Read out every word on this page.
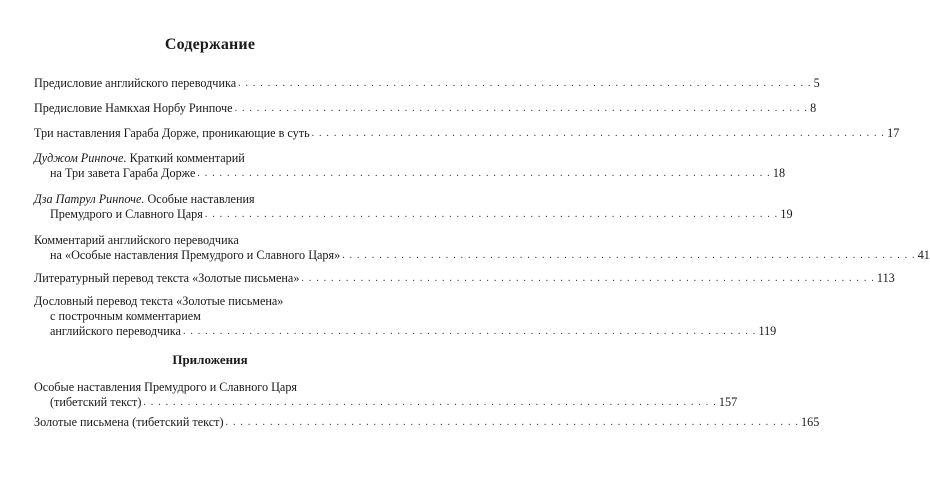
Содержание
Предисловие английского переводчика . . .	5
Предисловие Намкхая Норбу Ринпоче . . .	8
Три наставления Гараба Дорже, проникающие в суть . . .	17
Дуджом Ринпоче. Краткий комментарий
на Три завета Гараба Дорже . . .	18
Дза Патрул Ринпоче. Особые наставления
Премудрого и Славного Царя . . .	19
Комментарий английского переводчика
на «Особые наставления Премудрого и Славного Царя» . . .	41
Литературный перевод текста «Золотые письмена» . . .	113
Дословный перевод текста «Золотые письмена»
с построчным комментарием
английского переводчика . . .	119
Приложения
Особые наставления Премудрого и Славного Царя
(тибетский текст) . . .	157
Золотые письмена (тибетский текст) . . .	165
